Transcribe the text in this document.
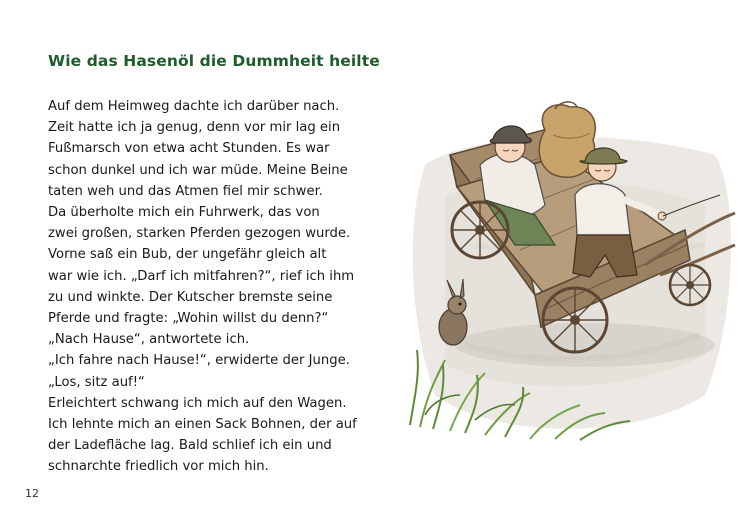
Wie das Hasenöl die Dummheit heilte
Auf dem Heimweg dachte ich darüber nach.
Zeit hatte ich ja genug, denn vor mir lag ein
Fußmarsch von etwa acht Stunden. Es war
schon dunkel und ich war müde. Meine Beine
taten weh und das Atmen fiel mir schwer.
Da überholte mich ein Fuhrwerk, das von
zwei großen, starken Pferden gezogen wurde.
Vorne saß ein Bub, der ungefähr gleich alt
war wie ich. „Darf ich mitfahren?“, rief ich ihm
zu und winkte. Der Kutscher bremste seine
Pferde und fragte: „Wohin willst du denn?“
„Nach Hause“, antwortete ich.
„Ich fahre nach Hause!“, erwiderte der Junge.
„Los, sitz auf!“
Erleichtert schwang ich mich auf den Wagen.
Ich lehnte mich an einen Sack Bohnen, der auf
der Ladefläche lag. Bald schlief ich ein und
schnarchte friedlich vor mich hin.
12
